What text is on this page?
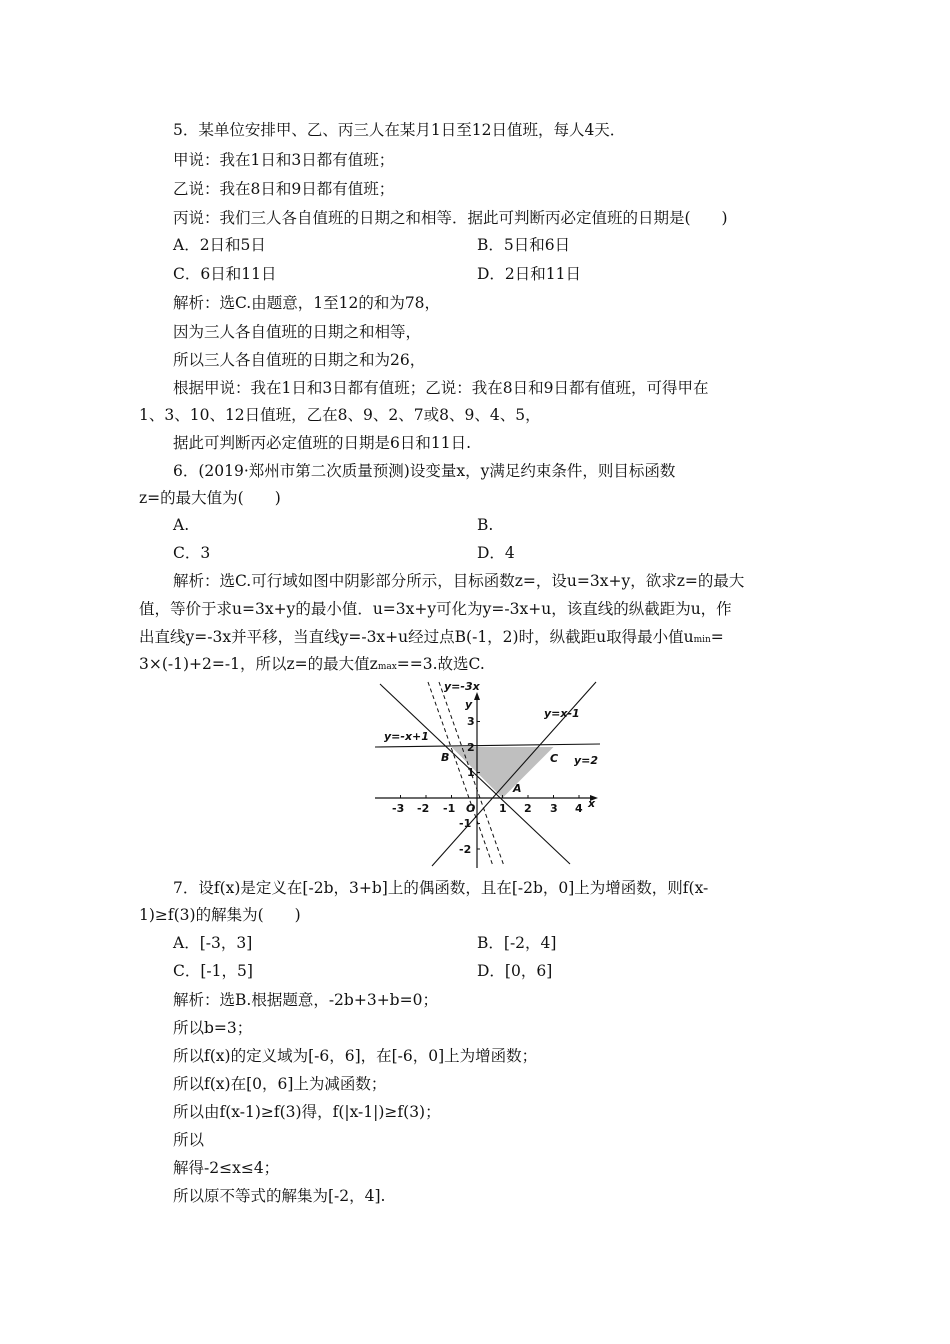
5．某单位安排甲、乙、丙三人在某月1日至12日值班，每人4天．
甲说：我在1日和3日都有值班；
乙说：我在8日和9日都有值班；
丙说：我们三人各自值班的日期之和相等．据此可判断丙必定值班的日期是(　　)
A．2日和5日	B．5日和6日
C．6日和11日	D．2日和11日
解析：选C.由题意，1至12的和为78，
因为三人各自值班的日期之和相等，
所以三人各自值班的日期之和为26，
根据甲说：我在1日和3日都有值班；乙说：我在8日和9日都有值班，可得甲在
1、3、10、12日值班，乙在8、9、2、7或8、9、4、5，
据此可判断丙必定值班的日期是6日和11日.
6．(2019·郑州市第二次质量预测)设变量x，y满足约束条件，则目标函数
z=的最大值为(　　)
A.	B.
C．3	D．4
解析：选C.可行域如图中阴影部分所示，目标函数z=，设u=3x+y，欲求z=的最大
值，等价于求u=3x+y的最小值．u=3x+y可化为y=-3x+u，该直线的纵截距为u，作
出直线y=-3x并平移，当直线y=-3x+u经过点B(-1，2)时，纵截距u取得最小值umin=
3×(-1)+2=-1，所以z=的最大值zmax==3.故选C.
-3 -2 -1	1 2 3 4
3
2
1
-1
-2
O	x
y
y=-3x
y=x-1
y=-x+1
y=2
B	C
A
7．设f(x)是定义在[-2b，3+b]上的偶函数，且在[-2b，0]上为增函数，则f(x-
1)≥f(3)的解集为(　　)
A．[-3，3]	B．[-2，4]
C．[-1，5]	D．[0，6]
解析：选B.根据题意，-2b+3+b=0；
所以b=3；
所以f(x)的定义域为[-6，6]，在[-6，0]上为增函数；
所以f(x)在[0，6]上为减函数；
所以由f(x-1)≥f(3)得，f(|x-1|)≥f(3)；
所以
解得-2≤x≤4；
所以原不等式的解集为[-2，4].
